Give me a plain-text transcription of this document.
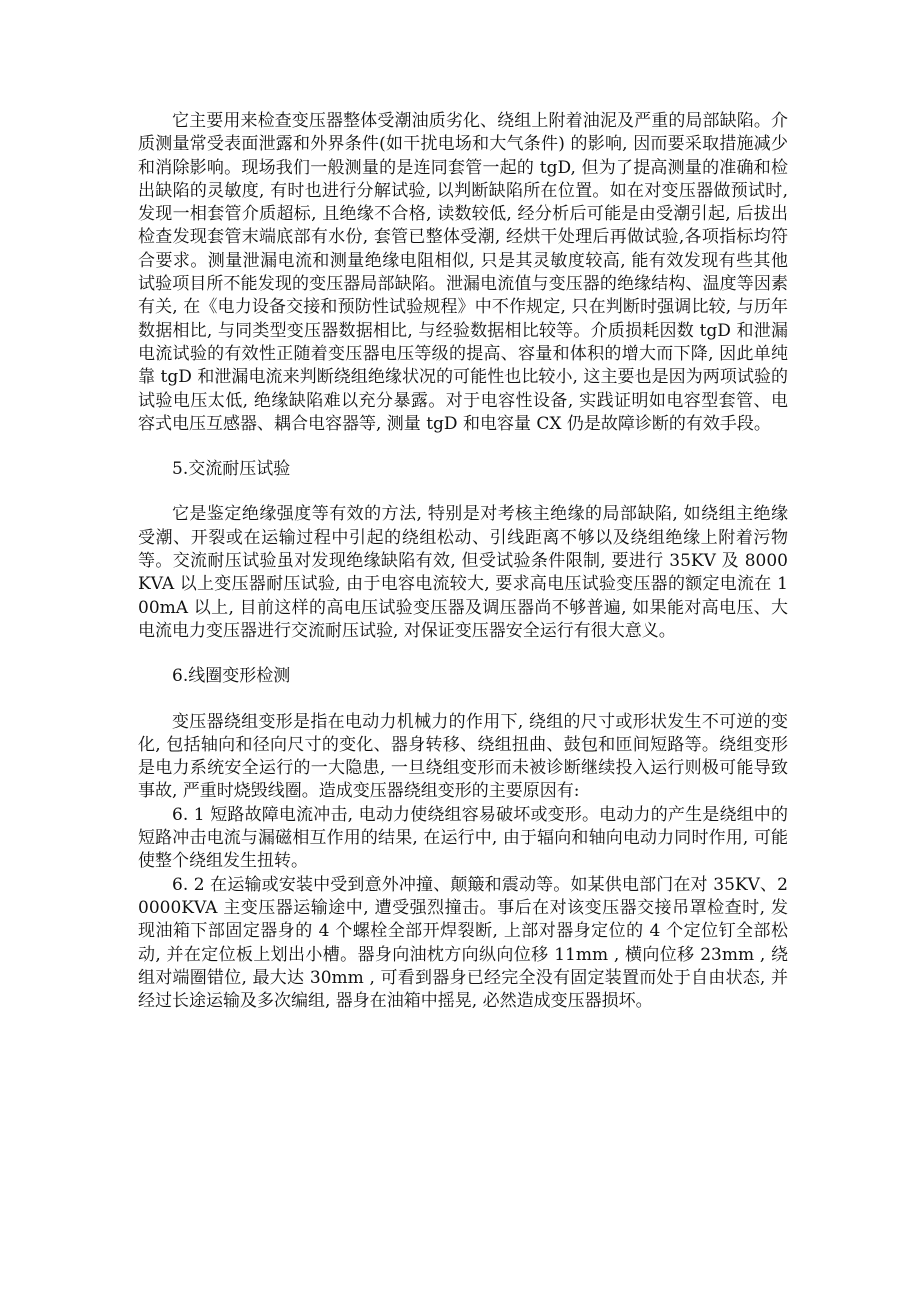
它主要用来检查变压器整体受潮油质劣化、绕组上附着油泥及严重的局部缺陷。介质测量常受表面泄露和外界条件(如干扰电场和大气条件) 的影响, 因而要采取措施减少和消除影响。现场我们一般测量的是连同套管一起的 tgD, 但为了提高测量的准确和检出缺陷的灵敏度, 有时也进行分解试验, 以判断缺陷所在位置。如在对变压器做预试时, 发现一相套管介质超标, 且绝缘不合格, 读数较低, 经分析后可能是由受潮引起, 后拔出检查发现套管末端底部有水份, 套管已整体受潮, 经烘干处理后再做试验,各项指标均符合要求。测量泄漏电流和测量绝缘电阻相似, 只是其灵敏度较高, 能有效发现有些其他试验项目所不能发现的变压器局部缺陷。泄漏电流值与变压器的绝缘结构、温度等因素有关, 在《电力设备交接和预防性试验规程》中不作规定, 只在判断时强调比较, 与历年数据相比, 与同类型变压器数据相比, 与经验数据相比较等。介质损耗因数 tgD 和泄漏电流试验的有效性正随着变压器电压等级的提高、容量和体积的增大而下降, 因此单纯靠 tgD 和泄漏电流来判断绕组绝缘状况的可能性也比较小, 这主要也是因为两项试验的试验电压太低, 绝缘缺陷难以充分暴露。对于电容性设备, 实践证明如电容型套管、电容式电压互感器、耦合电容器等, 测量 tgD 和电容量 CX 仍是故障诊断的有效手段。

5.交流耐压试验

它是鉴定绝缘强度等有效的方法, 特别是对考核主绝缘的局部缺陷, 如绕组主绝缘受潮、开裂或在运输过程中引起的绕组松动、引线距离不够以及绕组绝缘上附着污物等。交流耐压试验虽对发现绝缘缺陷有效, 但受试验条件限制, 要进行 35KV 及 8000KVA 以上变压器耐压试验, 由于电容电流较大, 要求高电压试验变压器的额定电流在 100mA 以上, 目前这样的高电压试验变压器及调压器尚不够普遍, 如果能对高电压、大电流电力变压器进行交流耐压试验, 对保证变压器安全运行有很大意义。

6.线圈变形检测

变压器绕组变形是指在电动力机械力的作用下, 绕组的尺寸或形状发生不可逆的变化, 包括轴向和径向尺寸的变化、器身转移、绕组扭曲、鼓包和匝间短路等。绕组变形是电力系统安全运行的一大隐患, 一旦绕组变形而未被诊断继续投入运行则极可能导致事故, 严重时烧毁线圈。造成变压器绕组变形的主要原因有:

6. 1 短路故障电流冲击, 电动力使绕组容易破坏或变形。电动力的产生是绕组中的短路冲击电流与漏磁相互作用的结果, 在运行中, 由于辐向和轴向电动力同时作用, 可能使整个绕组发生扭转。

6. 2 在运输或安装中受到意外冲撞、颠簸和震动等。如某供电部门在对 35KV、20000KVA 主变压器运输途中, 遭受强烈撞击。事后在对该变压器交接吊罩检查时, 发现油箱下部固定器身的 4 个螺栓全部开焊裂断, 上部对器身定位的 4 个定位钉全部松动, 并在定位板上划出小槽。器身向油枕方向纵向位移 11mm , 横向位移 23mm , 绕组对端圈错位, 最大达 30mm , 可看到器身已经完全没有固定装置而处于自由状态, 并经过长途运输及多次编组, 器身在油箱中摇晃, 必然造成变压器损坏。
